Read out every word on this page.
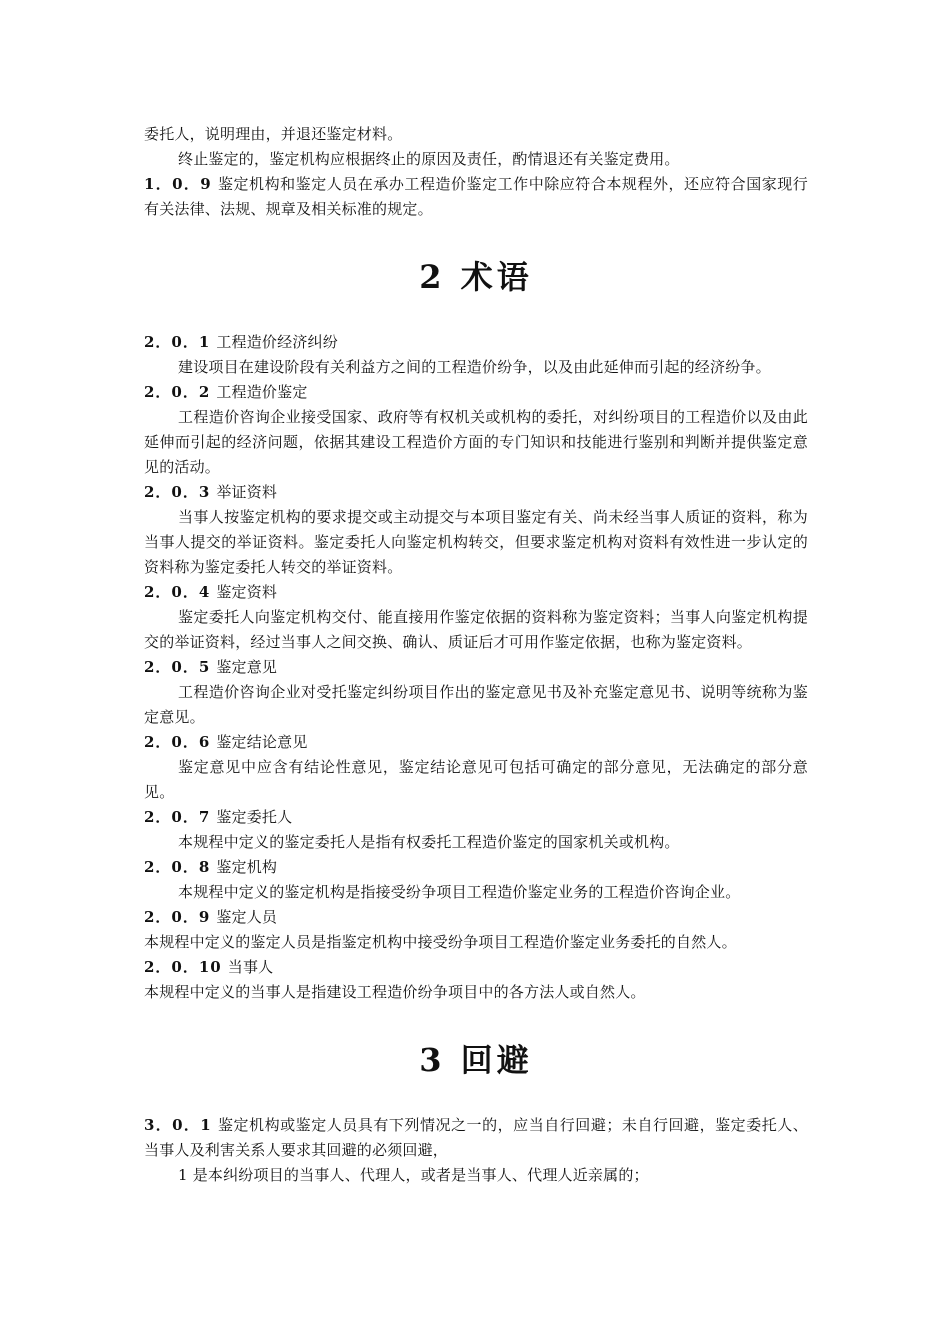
委托人，说明理由，并退还鉴定材料。

终止鉴定的，鉴定机构应根据终止的原因及责任，酌情退还有关鉴定费用。

1．0．9 鉴定机构和鉴定人员在承办工程造价鉴定工作中除应符合本规程外，还应符合国家现行有关法律、法规、规章及相关标准的规定。

2 术语

2．0．1 工程造价经济纠纷

建设项目在建设阶段有关利益方之间的工程造价纷争，以及由此延伸而引起的经济纷争。

2．0．2 工程造价鉴定

工程造价咨询企业接受国家、政府等有权机关或机构的委托，对纠纷项目的工程造价以及由此延伸而引起的经济问题，依据其建设工程造价方面的专门知识和技能进行鉴别和判断并提供鉴定意见的活动。

2．0．3 举证资料

当事人按鉴定机构的要求提交或主动提交与本项目鉴定有关、尚未经当事人质证的资料，称为当事人提交的举证资料。鉴定委托人向鉴定机构转交，但要求鉴定机构对资料有效性进一步认定的资料称为鉴定委托人转交的举证资料。

2．0．4 鉴定资料

鉴定委托人向鉴定机构交付、能直接用作鉴定依据的资料称为鉴定资料；当事人向鉴定机构提交的举证资料，经过当事人之间交换、确认、质证后才可用作鉴定依据，也称为鉴定资料。

2．0．5 鉴定意见

工程造价咨询企业对受托鉴定纠纷项目作出的鉴定意见书及补充鉴定意见书、说明等统称为鉴定意见。

2．0．6 鉴定结论意见

鉴定意见中应含有结论性意见，鉴定结论意见可包括可确定的部分意见，无法确定的部分意见。

2．0．7 鉴定委托人

本规程中定义的鉴定委托人是指有权委托工程造价鉴定的国家机关或机构。

2．0．8 鉴定机构

本规程中定义的鉴定机构是指接受纷争项目工程造价鉴定业务的工程造价咨询企业。

2．0．9 鉴定人员

本规程中定义的鉴定人员是指鉴定机构中接受纷争项目工程造价鉴定业务委托的自然人。

2．0．10 当事人

本规程中定义的当事人是指建设工程造价纷争项目中的各方法人或自然人。

3 回避

3．0．1 鉴定机构或鉴定人员具有下列情况之一的，应当自行回避；未自行回避，鉴定委托人、当事人及利害关系人要求其回避的必须回避，

1 是本纠纷项目的当事人、代理人，或者是当事人、代理人近亲属的；
